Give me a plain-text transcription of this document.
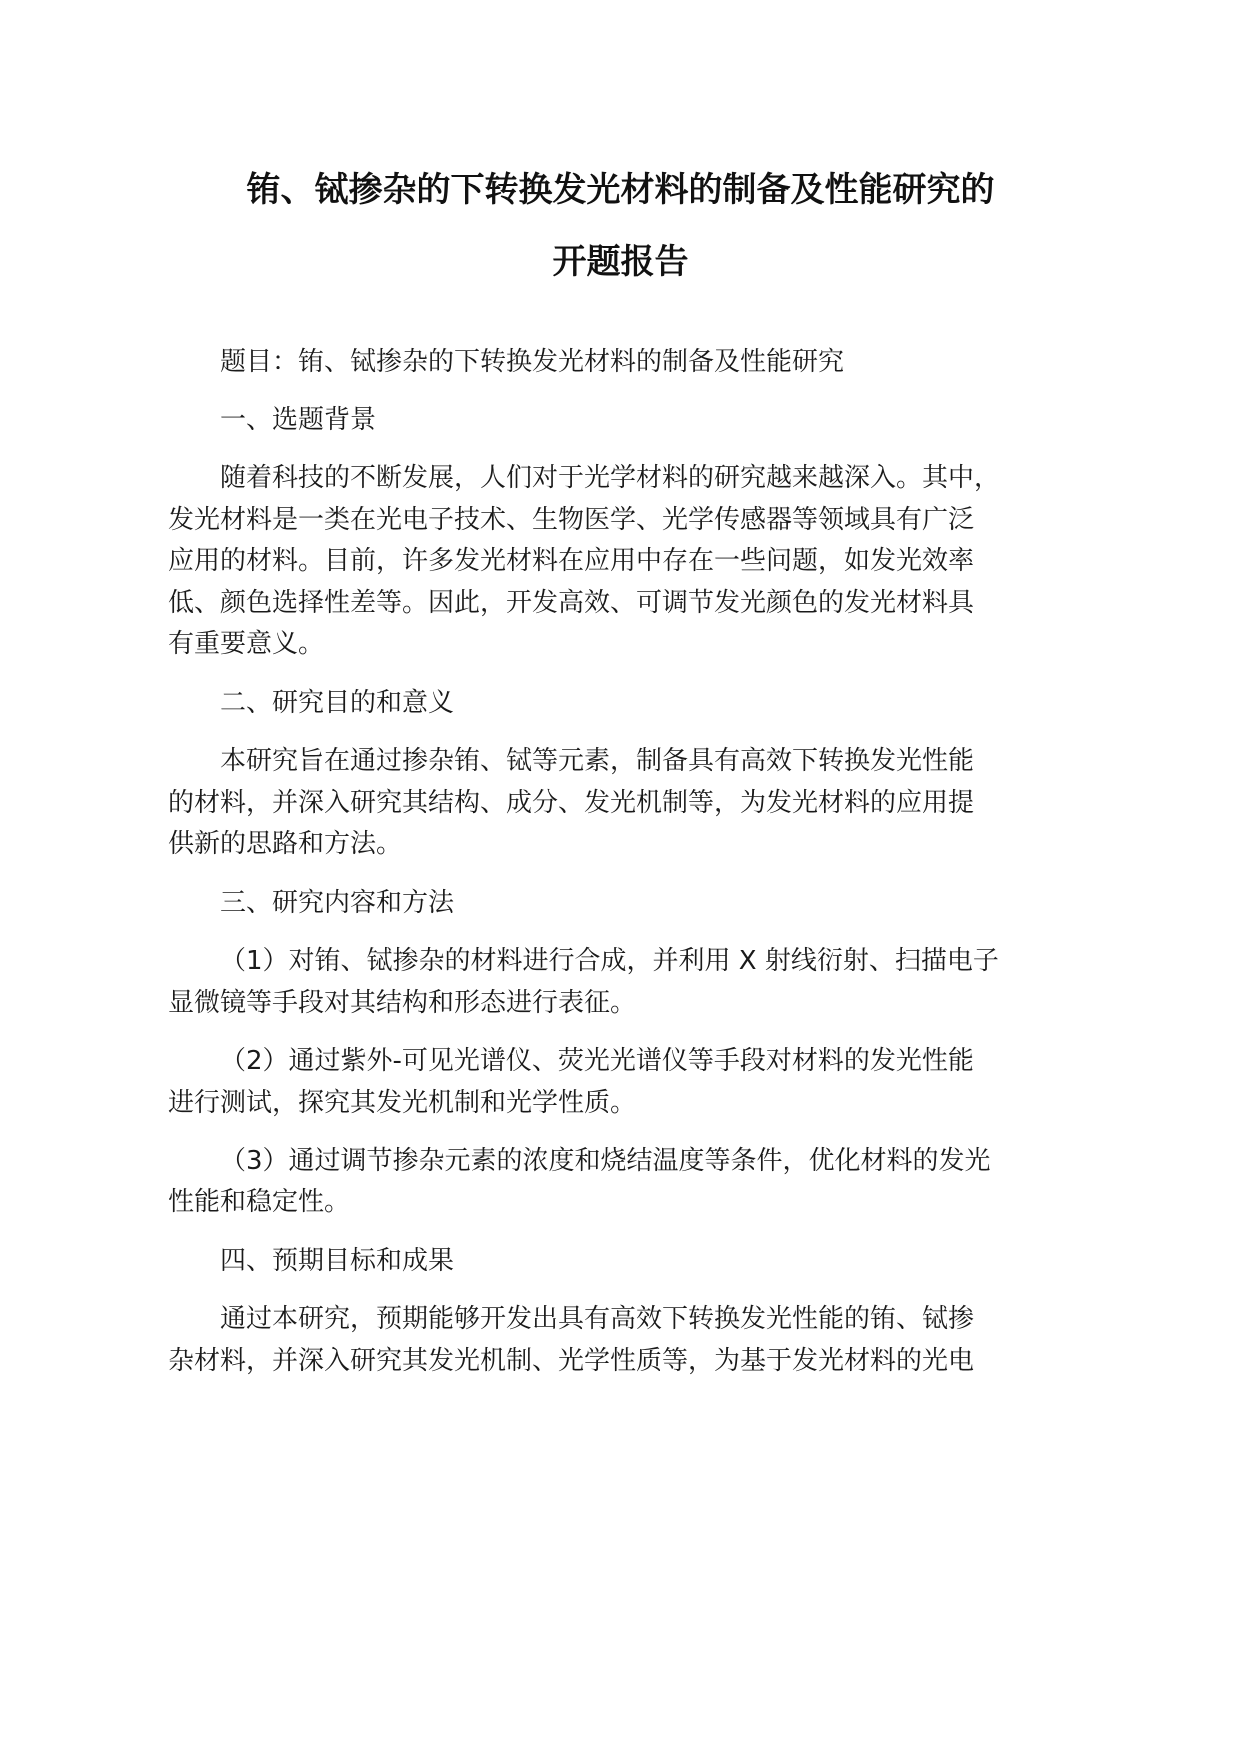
铕、铽掺杂的下转换发光材料的制备及性能研究的
开题报告
题目：铕、铽掺杂的下转换发光材料的制备及性能研究
一、选题背景
随着科技的不断发展，人们对于光学材料的研究越来越深入。其中，
发光材料是一类在光电子技术、生物医学、光学传感器等领域具有广泛
应用的材料。目前，许多发光材料在应用中存在一些问题，如发光效率
低、颜色选择性差等。因此，开发高效、可调节发光颜色的发光材料具
有重要意义。
二、研究目的和意义
本研究旨在通过掺杂铕、铽等元素，制备具有高效下转换发光性能
的材料，并深入研究其结构、成分、发光机制等，为发光材料的应用提
供新的思路和方法。
三、研究内容和方法
（1）对铕、铽掺杂的材料进行合成，并利用 X 射线衍射、扫描电子
显微镜等手段对其结构和形态进行表征。
（2）通过紫外-可见光谱仪、荧光光谱仪等手段对材料的发光性能
进行测试，探究其发光机制和光学性质。
（3）通过调节掺杂元素的浓度和烧结温度等条件，优化材料的发光
性能和稳定性。
四、预期目标和成果
通过本研究，预期能够开发出具有高效下转换发光性能的铕、铽掺
杂材料，并深入研究其发光机制、光学性质等，为基于发光材料的光电
